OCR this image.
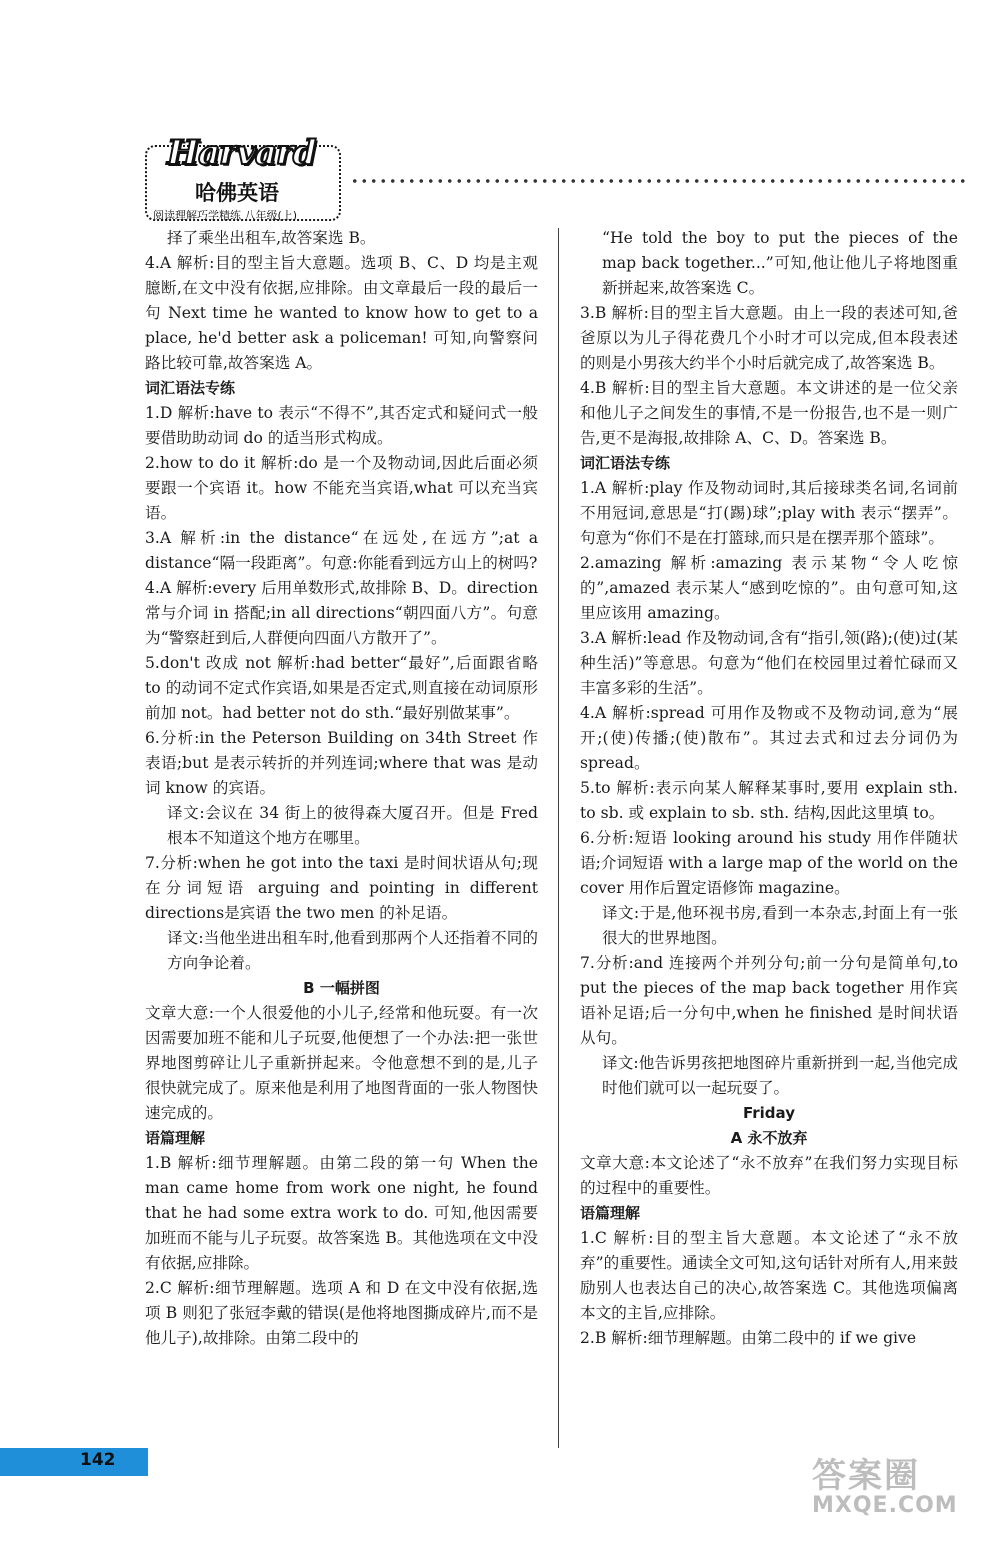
Harvard
哈佛英语
阅读理解巧学精练 八年级(上)

择了乘坐出租车,故答案选 B。

4.A 解析:目的型主旨大意题。选项 B、C、D 均是主观臆断,在文中没有依据,应排除。由文章最后一段的最后一句 Next time he wanted to know how to get to a place, he'd better ask a policeman! 可知,向警察问路比较可靠,故答案选 A。

词汇语法专练

1.D 解析:have to 表示“不得不”,其否定式和疑问式一般要借助助动词 do 的适当形式构成。

2.how to do it 解析:do 是一个及物动词,因此后面必须要跟一个宾语 it。how 不能充当宾语,what 可以充当宾语。

3.A 解析:in the distance“在远处,在远方”;at a distance“隔一段距离”。句意:你能看到远方山上的树吗?

4.A 解析:every 后用单数形式,故排除 B、D。direction 常与介词 in 搭配;in all directions“朝四面八方”。句意为“警察赶到后,人群便向四面八方散开了”。

5.don't 改成 not 解析:had better“最好”,后面跟省略 to 的动词不定式作宾语,如果是否定式,则直接在动词原形前加 not。had better not do sth.“最好别做某事”。

6.分析:in the Peterson Building on 34th Street 作表语;but 是表示转折的并列连词;where that was 是动词 know 的宾语。

译文:会议在 34 街上的彼得森大厦召开。但是 Fred 根本不知道这个地方在哪里。

7.分析:when he got into the taxi 是时间状语从句;现在分词短语 arguing and pointing in different directions是宾语 the two men 的补足语。

译文:当他坐进出租车时,他看到那两个人还指着不同的方向争论着。

B 一幅拼图

文章大意:一个人很爱他的小儿子,经常和他玩耍。有一次因需要加班不能和儿子玩耍,他便想了一个办法:把一张世界地图剪碎让儿子重新拼起来。令他意想不到的是,儿子很快就完成了。原来他是利用了地图背面的一张人物图快速完成的。

语篇理解

1.B 解析:细节理解题。由第二段的第一句 When the man came home from work one night, he found that he had some extra work to do. 可知,他因需要加班而不能与儿子玩耍。故答案选 B。其他选项在文中没有依据,应排除。

2.C 解析:细节理解题。选项 A 和 D 在文中没有依据,选项 B 则犯了张冠李戴的错误(是他将地图撕成碎片,而不是他儿子),故排除。由第二段中的

“He told the boy to put the pieces of the map back together...”可知,他让他儿子将地图重新拼起来,故答案选 C。

3.B 解析:目的型主旨大意题。由上一段的表述可知,爸爸原以为儿子得花费几个小时才可以完成,但本段表述的则是小男孩大约半个小时后就完成了,故答案选 B。

4.B 解析:目的型主旨大意题。本文讲述的是一位父亲和他儿子之间发生的事情,不是一份报告,也不是一则广告,更不是海报,故排除 A、C、D。答案选 B。

词汇语法专练

1.A 解析:play 作及物动词时,其后接球类名词,名词前不用冠词,意思是“打(踢)球”;play with 表示“摆弄”。句意为“你们不是在打篮球,而只是在摆弄那个篮球”。

2.amazing 解析:amazing 表示某物“令人吃惊的”,amazed 表示某人“感到吃惊的”。由句意可知,这里应该用 amazing。

3.A 解析:lead 作及物动词,含有“指引,领(路);(使)过(某种生活)”等意思。句意为“他们在校园里过着忙碌而又丰富多彩的生活”。

4.A 解析:spread 可用作及物或不及物动词,意为“展开;(使)传播;(使)散布”。其过去式和过去分词仍为 spread。

5.to 解析:表示向某人解释某事时,要用 explain sth. to sb. 或 explain to sb. sth. 结构,因此这里填 to。

6.分析:短语 looking around his study 用作伴随状语;介词短语 with a large map of the world on the cover 用作后置定语修饰 magazine。

译文:于是,他环视书房,看到一本杂志,封面上有一张很大的世界地图。

7.分析:and 连接两个并列分句;前一分句是简单句,to put the pieces of the map back together 用作宾语补足语;后一分句中,when he finished 是时间状语从句。

译文:他告诉男孩把地图碎片重新拼到一起,当他完成时他们就可以一起玩耍了。

Friday

A 永不放弃

文章大意:本文论述了“永不放弃”在我们努力实现目标的过程中的重要性。

语篇理解

1.C 解析:目的型主旨大意题。本文论述了“永不放弃”的重要性。通读全文可知,这句话针对所有人,用来鼓励别人也表达自己的决心,故答案选 C。其他选项偏离本文的主旨,应排除。

2.B 解析:细节理解题。由第二段中的 if we give

142	答案圈
MXQE.COM
